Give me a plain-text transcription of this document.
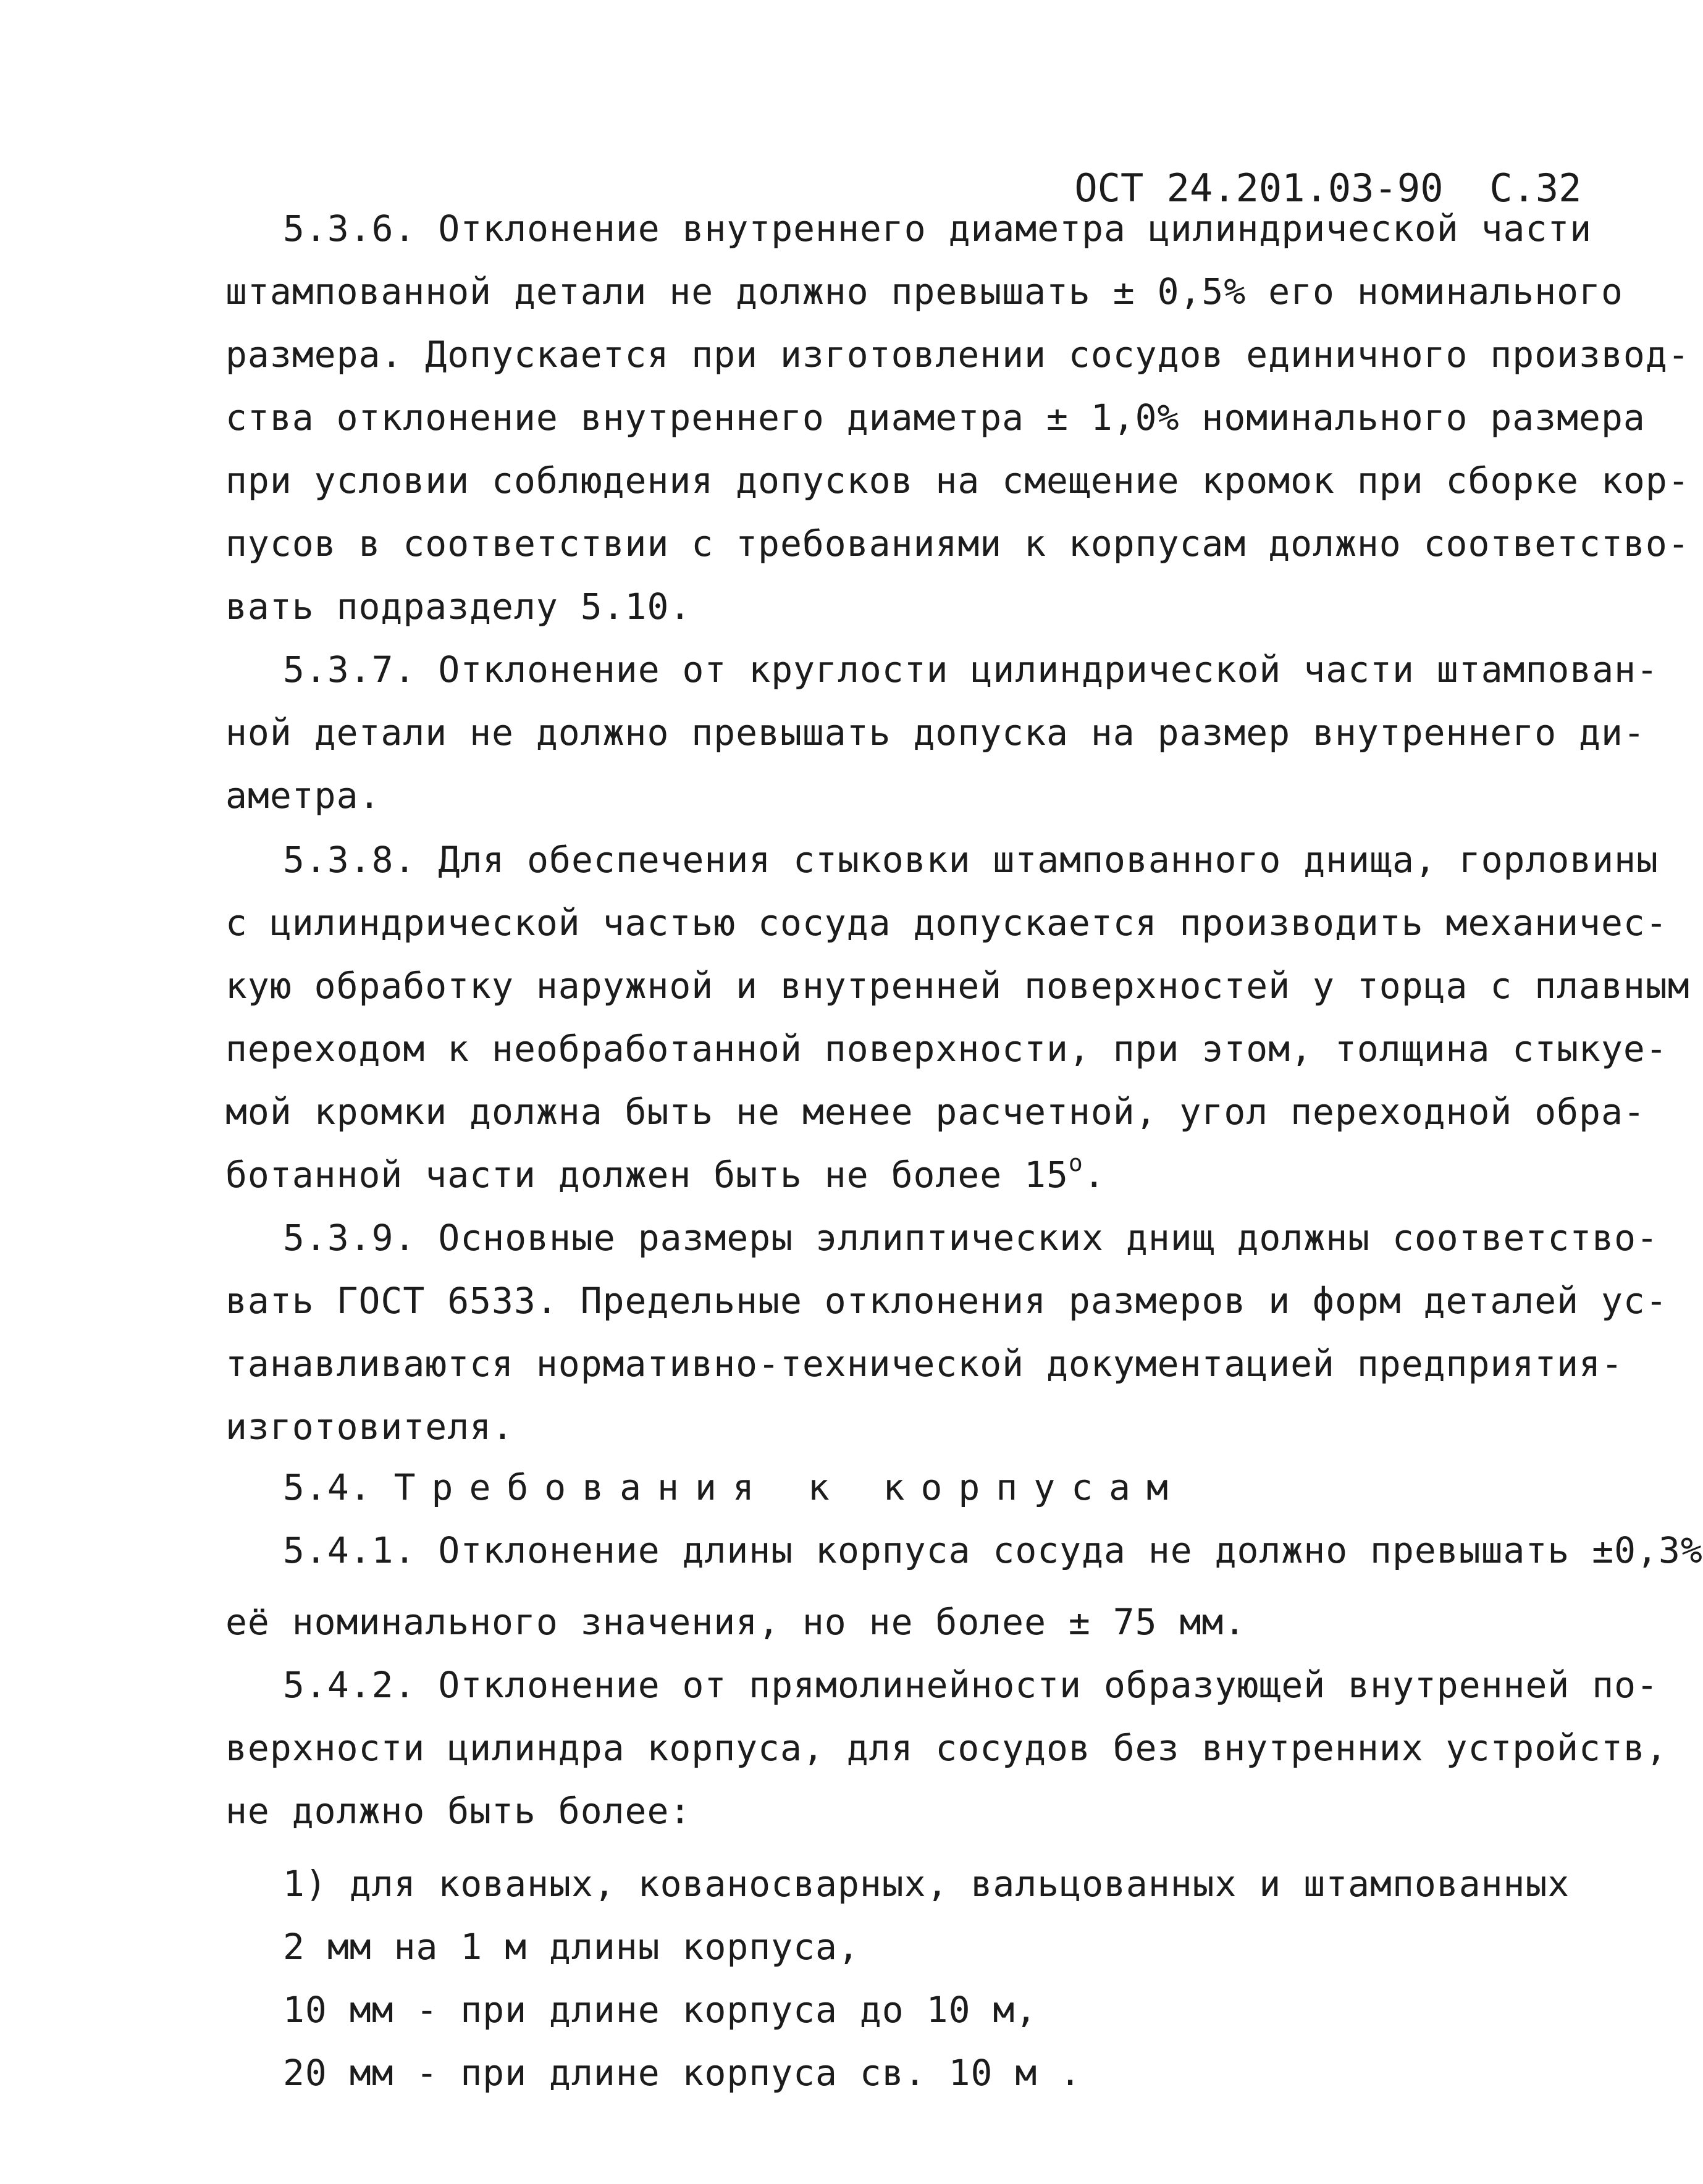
ОСТ 24.201.03-90 С.32

5.3.6. Отклонение внутреннего диаметра цилиндрической части
штампованной детали не должно превышать ± 0,5% его номинального
размера. Допускается при изготовлении сосудов единичного производ-
ства отклонение внутреннего диаметра ± 1,0% номинального размера
при условии соблюдения допусков на смещение кромок при сборке кор-
пусов в соответствии с требованиями к корпусам должно соответство-
вать подразделу 5.10.
5.3.7. Отклонение от круглости цилиндрической части штампован-
ной детали не должно превышать допуска на размер внутреннего ди-
аметра.
5.3.8. Для обеспечения стыковки штампованного днища, горловины
с цилиндрической частью сосуда допускается производить механичес-
кую обработку наружной и внутренней поверхностей у торца с плавным
переходом к необработанной поверхности, при этом, толщина стыкуе-
мой кромки должна быть не менее расчетной, угол переходной обра-
ботанной части должен быть не более $15^о$.
5.3.9. Основные размеры эллиптических днищ должны соответство-
вать ГОСТ 6533. Предельные отклонения размеров и форм деталей ус-
танавливаются нормативно-технической документацией предприятия-
изготовителя.
5.4. Требования к корпусам
5.4.1. Отклонение длины корпуса сосуда не должно превышать ±0,3%
её номинального значения, но не более ± 75 мм.
5.4.2. Отклонение от прямолинейности образующей внутренней по-
верхности цилиндра корпуса, для сосудов без внутренних устройств,
не должно быть более:
1) для кованых, кованосварных, вальцованных и штампованных
2 мм на 1 м длины корпуса,
10 мм - при длине корпуса до 10 м,
20 мм - при длине корпуса св. 10 м .
